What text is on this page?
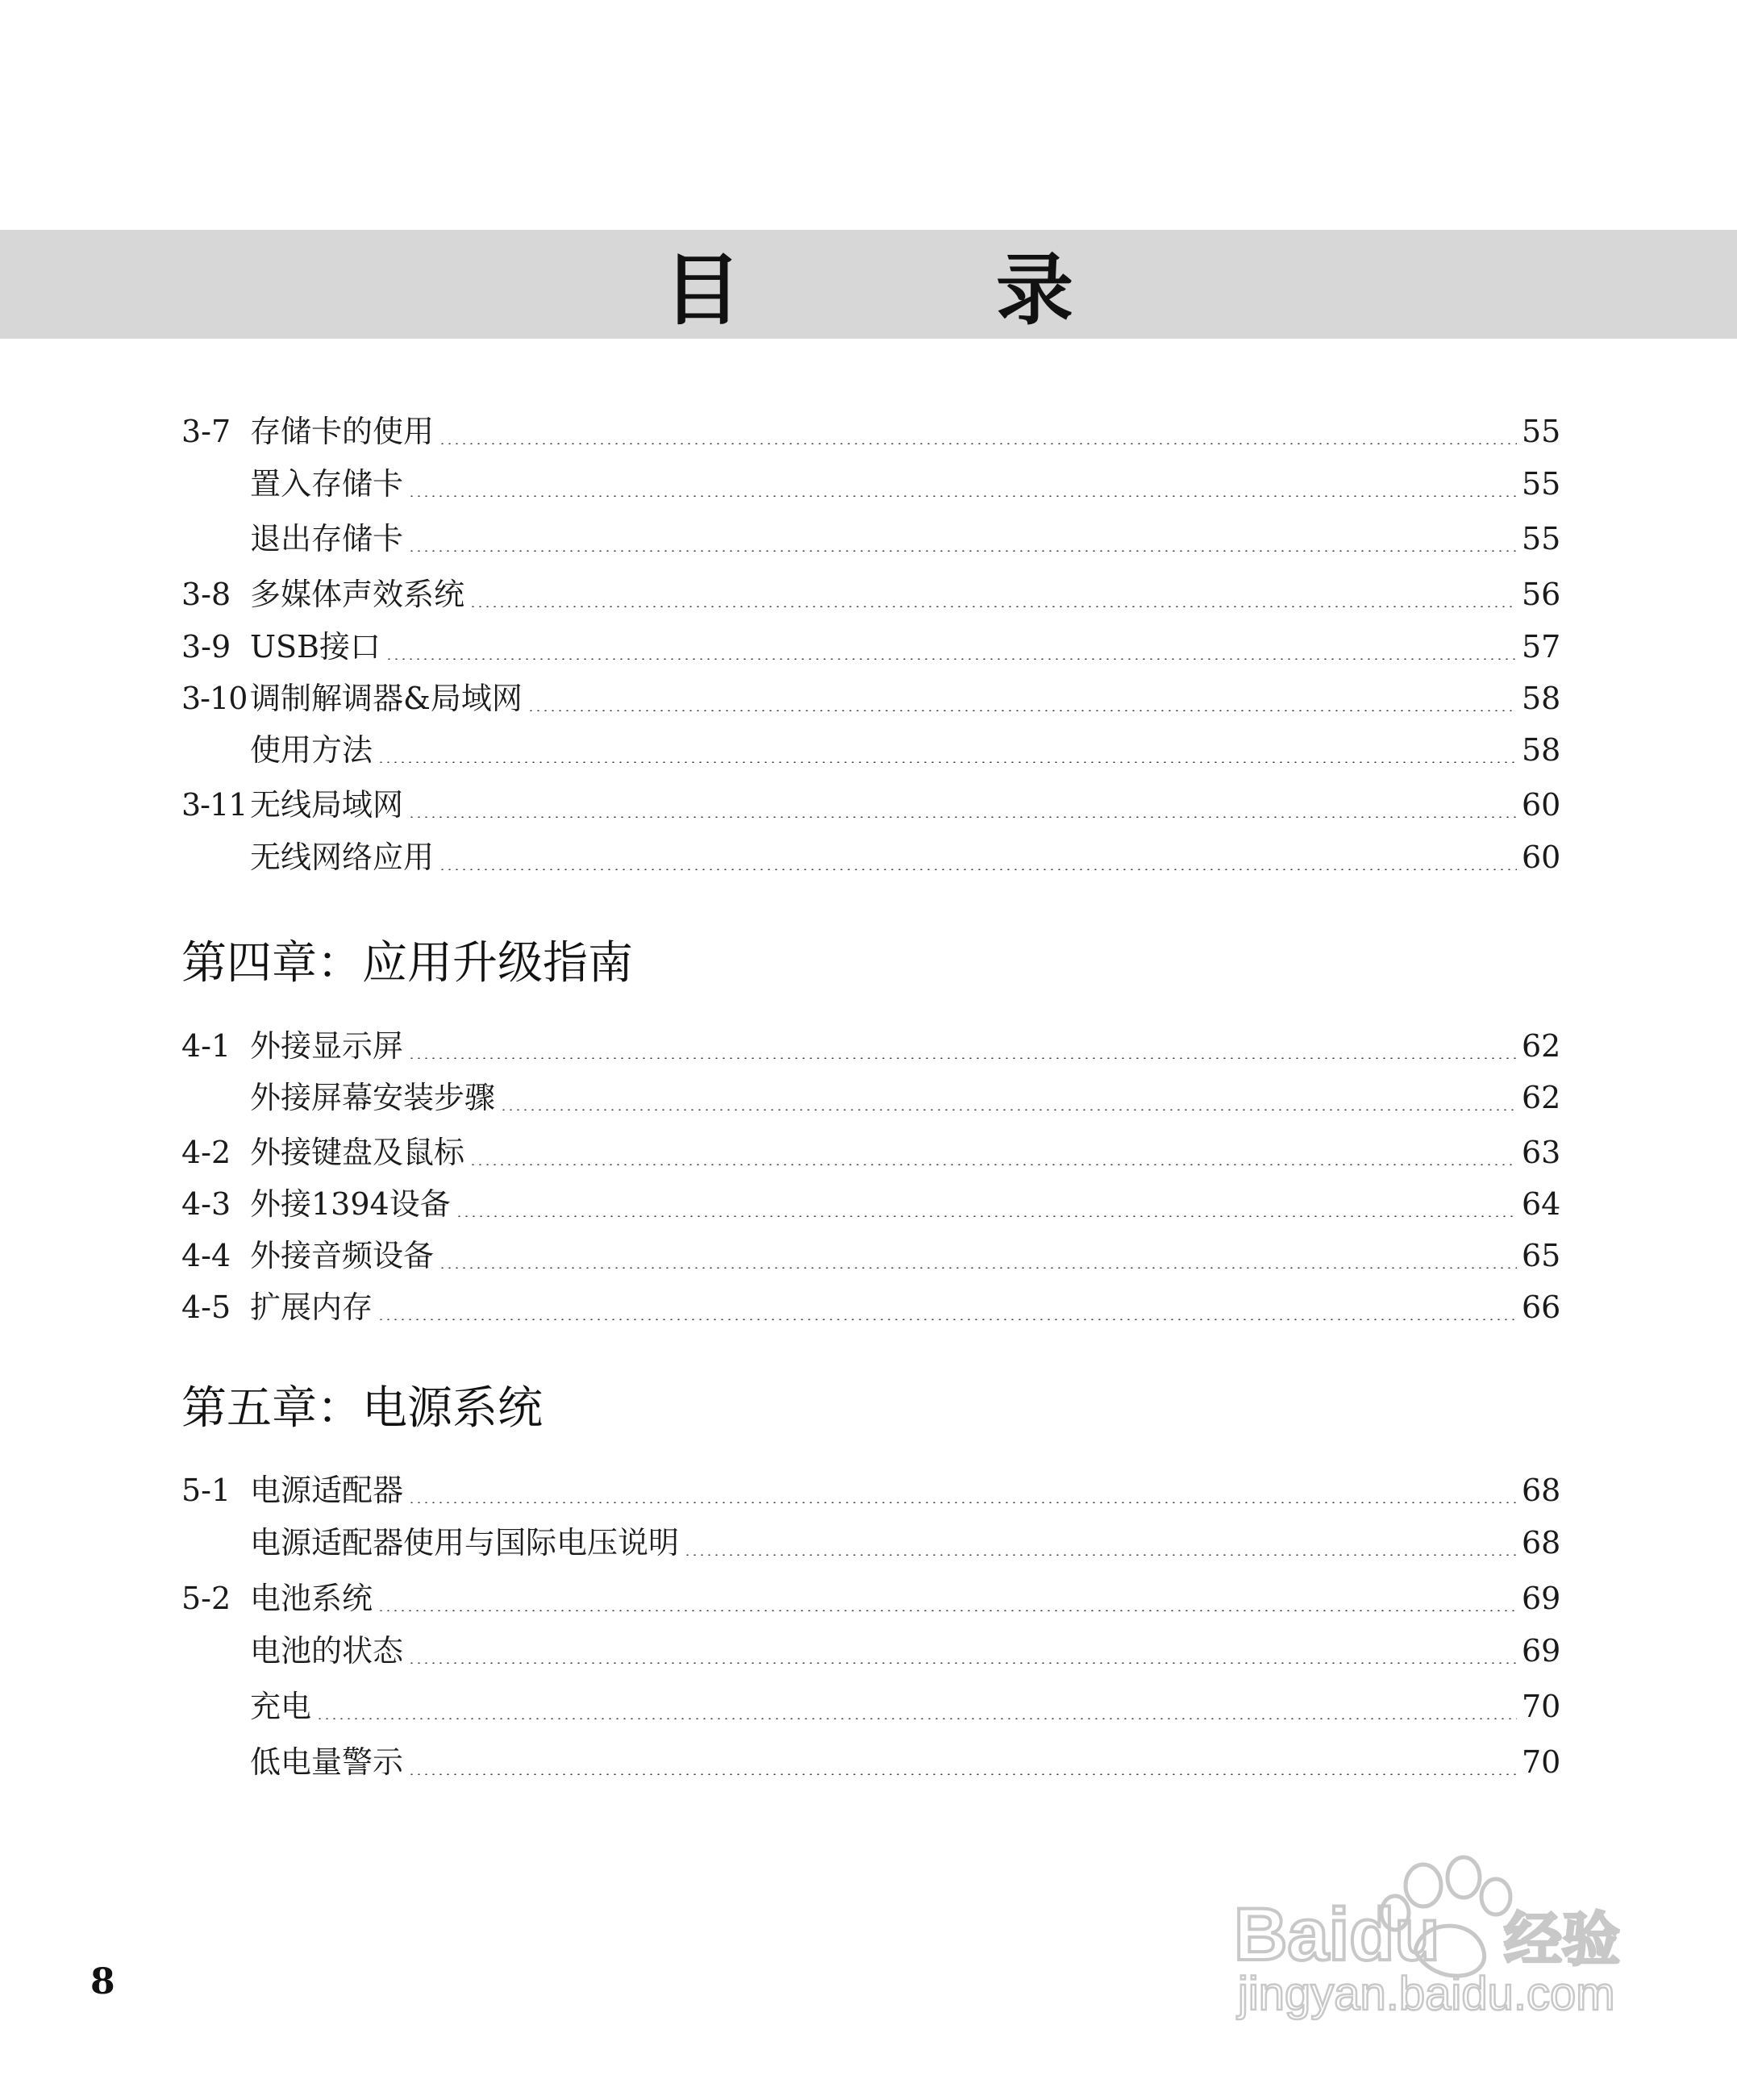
目　录
3-7 存储卡的使用	55
置入存储卡	55
退出存储卡	55
3-8 多媒体声效系统	56
3-9 USB接口	57
3-10 调制解调器&局域网	58
使用方法	58
3-11 无线局域网	60
无线网络应用	60
第四章：应用升级指南
4-1 外接显示屏	62
外接屏幕安装步骤	62
4-2 外接键盘及鼠标	63
4-3 外接1394设备	64
4-4 外接音频设备	65
4-5 扩展内存	66
第五章：电源系统
5-1 电源适配器	68
电源适配器使用与国际电压说明	68
5-2 电池系统	69
电池的状态	69
充电	70
低电量警示	70
8
Baidu 经验
jingyan.baidu.com
